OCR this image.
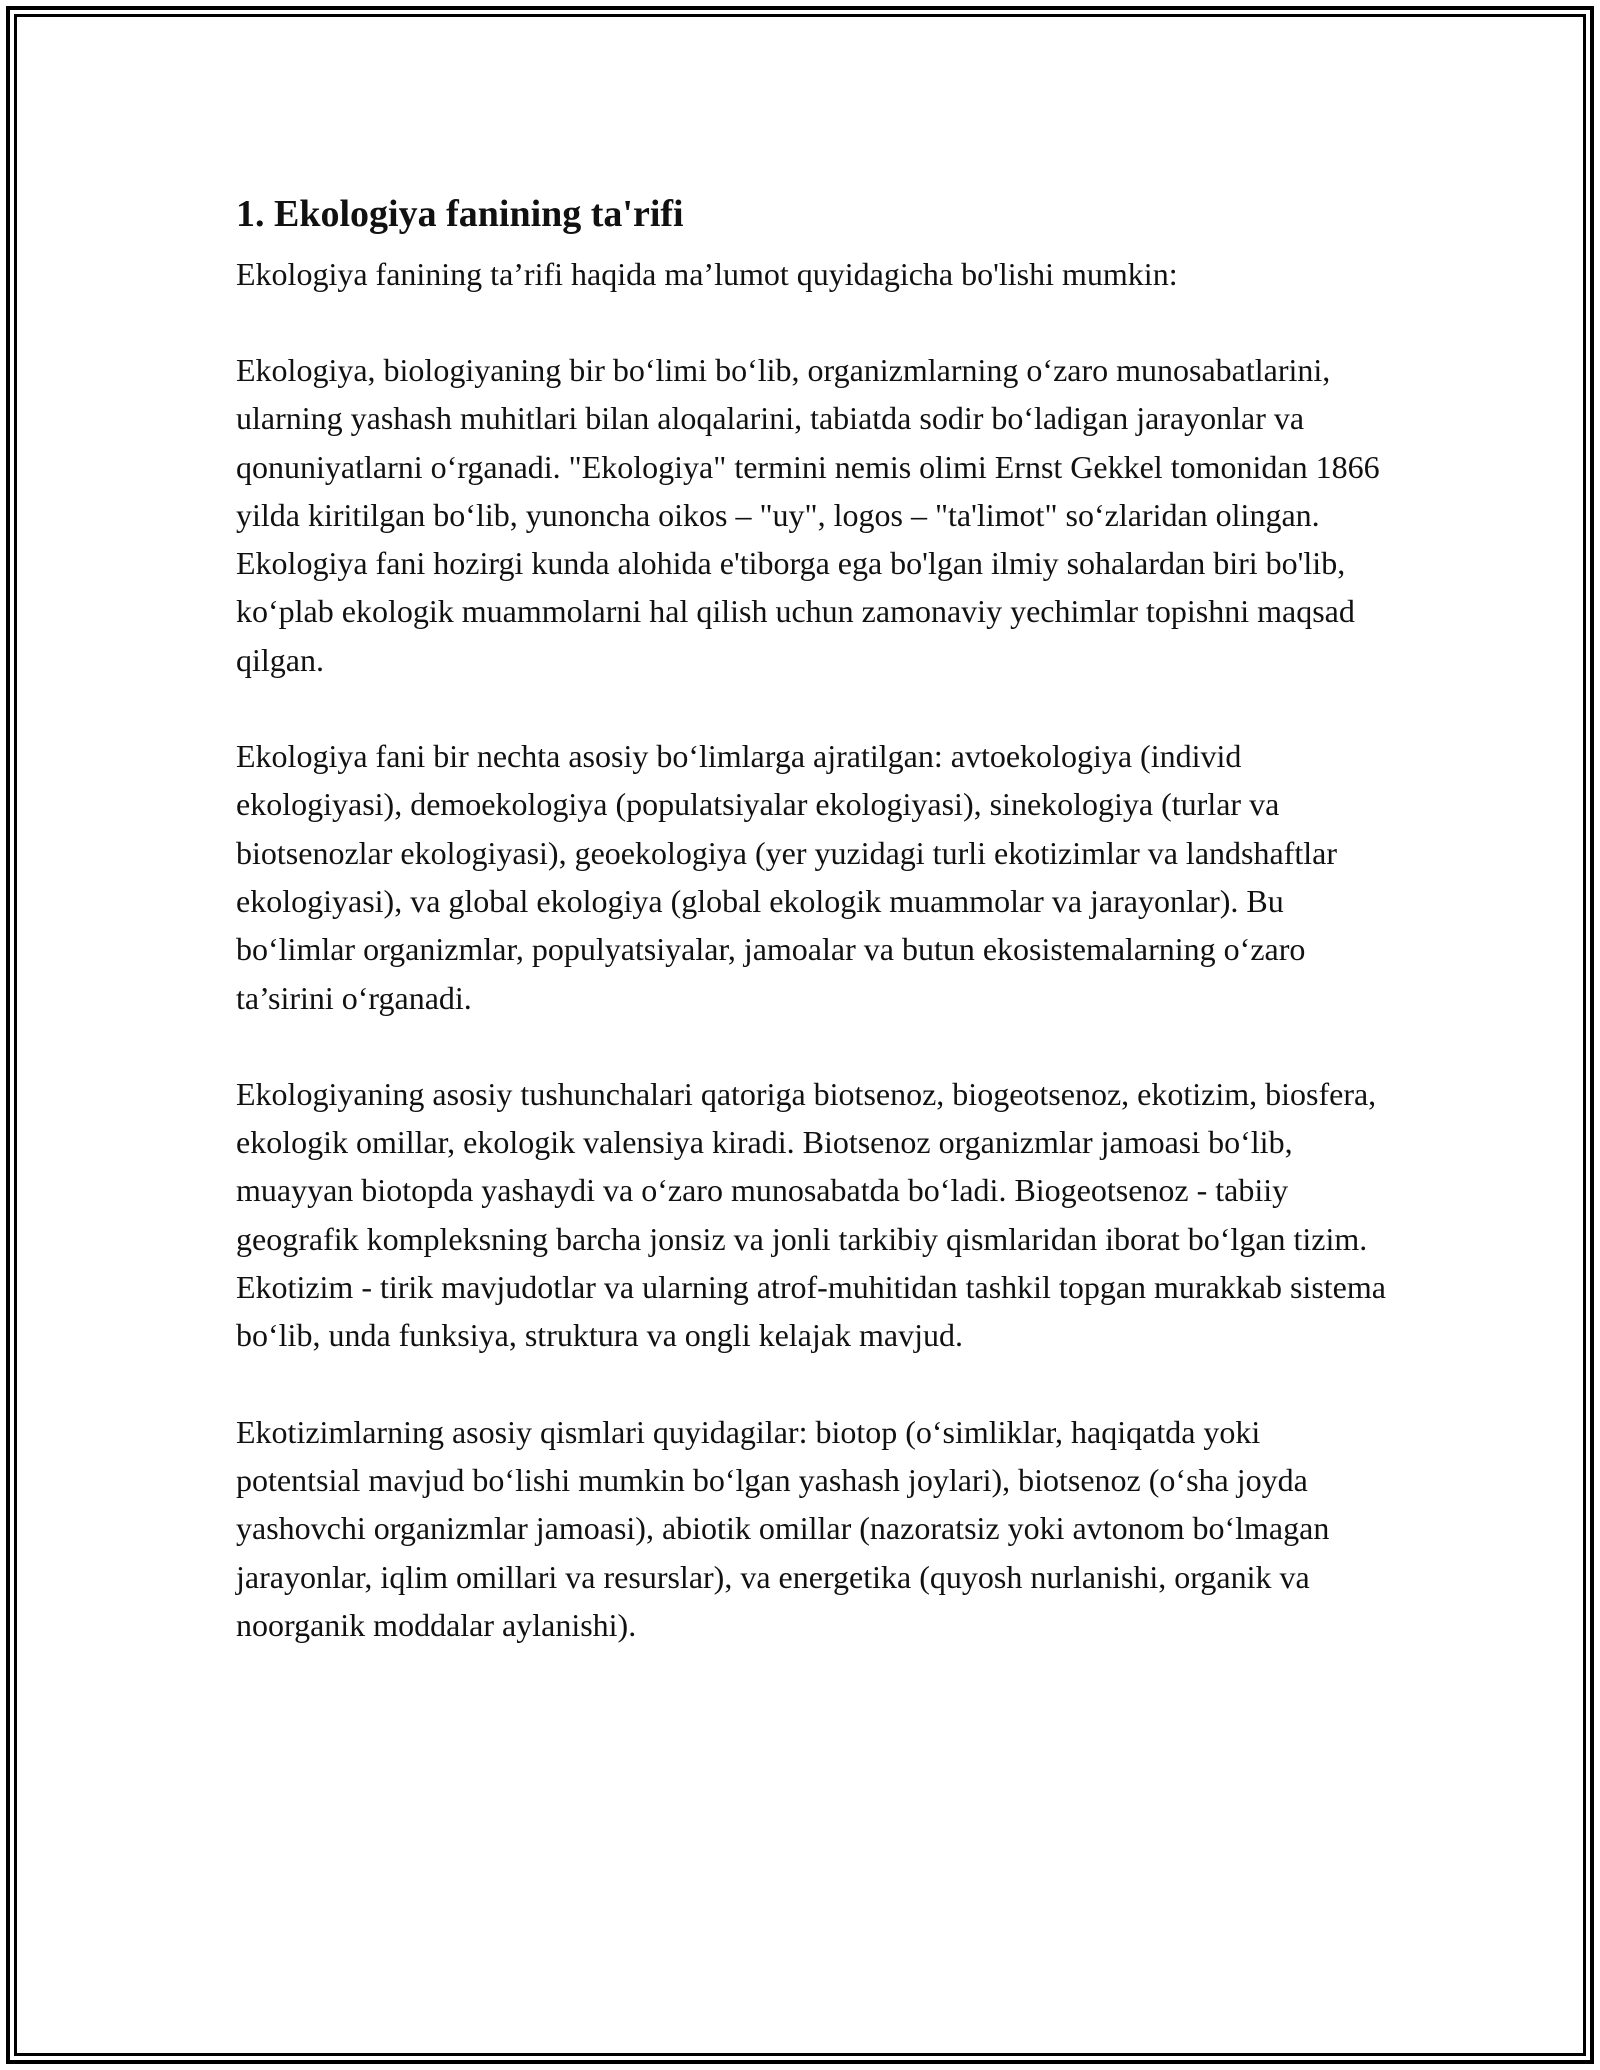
1. Ekologiya fanining ta'rifi

Ekologiya fanining ta’rifi haqida ma’lumot quyidagicha bo'lishi mumkin:

Ekologiya, biologiyaning bir bo‘limi bo‘lib, organizmlarning o‘zaro munosabatlarini, ularning yashash muhitlari bilan aloqalarini, tabiatda sodir bo‘ladigan jarayonlar va qonuniyatlarni o‘rganadi. "Ekologiya" termini nemis olimi Ernst Gekkel tomonidan 1866 yilda kiritilgan bo‘lib, yunoncha oikos – "uy", logos – "ta'limot" so‘zlaridan olingan. Ekologiya fani hozirgi kunda alohida e'tiborga ega bo'lgan ilmiy sohalardan biri bo'lib, ko‘plab ekologik muammolarni hal qilish uchun zamonaviy yechimlar topishni maqsad qilgan.

Ekologiya fani bir nechta asosiy bo‘limlarga ajratilgan: avtoekologiya (individ ekologiyasi), demoekologiya (populatsiyalar ekologiyasi), sinekologiya (turlar va biotsenozlar ekologiyasi), geoekologiya (yer yuzidagi turli ekotizimlar va landshaftlar ekologiyasi), va global ekologiya (global ekologik muammolar va jarayonlar). Bu bo‘limlar organizmlar, populyatsiyalar, jamoalar va butun ekosistemalarning o‘zaro ta’sirini o‘rganadi.

Ekologiyaning asosiy tushunchalari qatoriga biotsenoz, biogeotsenoz, ekotizim, biosfera, ekologik omillar, ekologik valensiya kiradi. Biotsenoz organizmlar jamoasi bo‘lib, muayyan biotopda yashaydi va o‘zaro munosabatda bo‘ladi. Biogeotsenoz - tabiiy geografik kompleksning barcha jonsiz va jonli tarkibiy qismlaridan iborat bo‘lgan tizim. Ekotizim - tirik mavjudotlar va ularning atrof-muhitidan tashkil topgan murakkab sistema bo‘lib, unda funksiya, struktura va ongli kelajak mavjud.

Ekotizimlarning asosiy qismlari quyidagilar: biotop (o‘simliklar, haqiqatda yoki potentsial mavjud bo‘lishi mumkin bo‘lgan yashash joylari), biotsenoz (o‘sha joyda yashovchi organizmlar jamoasi), abiotik omillar (nazoratsiz yoki avtonom bo‘lmagan jarayonlar, iqlim omillari va resurslar), va energetika (quyosh nurlanishi, organik va noorganik moddalar aylanishi).
